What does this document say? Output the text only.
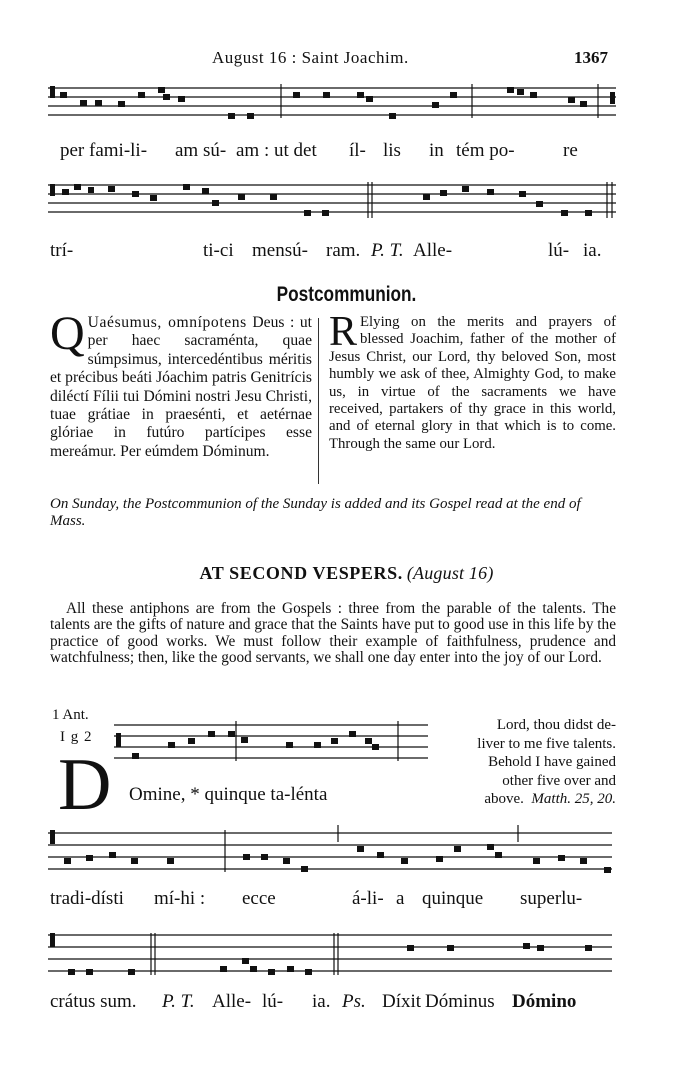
August 16 : Saint Joachim.	1367
per fami-li- am sú- am : ut det íl- lis in tém po-	re
trí-	ti-ci mensú- ram. P. T. Alle-	lú- ia.
Postcommunion.
Q Uaésumus, omnípotens Deus : ut per haec sacraménta, quae súmpsimus, intercedéntibus méritis et précibus beáti Jóachim patris Genitrícis diléctí Fílii tui Dómini nostri Jesu Christi, tuae grátiae in praesénti, et aetérnae glóriae in futúro partícipes esse mereámur. Per eúmdem Dóminum.
R Elying on the merits and prayers of blessed Joachim, father of the mother of Jesus Christ, our Lord, thy beloved Son, most humbly we ask of thee, Almighty God, to make us, in virtue of the sacraments we have received, partakers of thy grace in this world, and of eternal glory in that which is to come. Through the same our Lord.
On Sunday, the Postcommunion of the Sunday is added and its Gospel read at the end of Mass.
AT SECOND VESPERS. (August 16)
All these antiphons are from the Gospels : three from the parable of the talents. The talents are the gifts of nature and grace that the Saints have put to good use in this life by the practice of good works. We must follow their example of faithfulness, prudence and watchfulness; then, like the good servants, we shall one day enter into the joy of our Lord.
1 Ant.
I g 2
D Omine, * quinque ta-lénta
Lord, thou didst de-
liver to me five talents.
Behold I have gained
other five over and
above. Matth. 25, 20.
tradi-dísti mí-hi : ecce	á-li- a quinque superlu-
crátus sum. P. T. Alle- lú- ia. Ps. Díxit Dóminus Dómino
